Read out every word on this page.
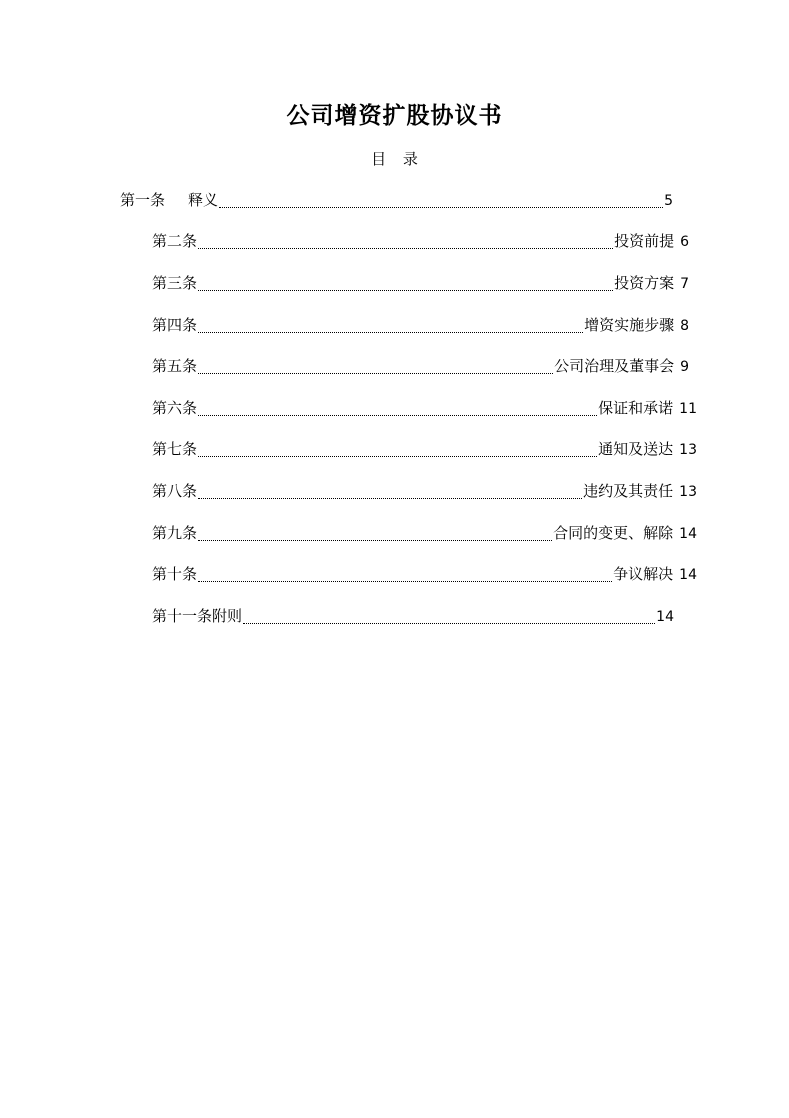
公司增资扩股协议书
目 录
第一条 释义	5
第二条	投资前提 6
第三条	投资方案 7
第四条	增资实施步骤 8
第五条	公司治理及董事会 9
第六条	保证和承诺 11
第七条	通知及送达 13
第八条	违约及其责任 13
第九条	合同的变更、解除 14
第十条	争议解决 14
第十一条附则	14
